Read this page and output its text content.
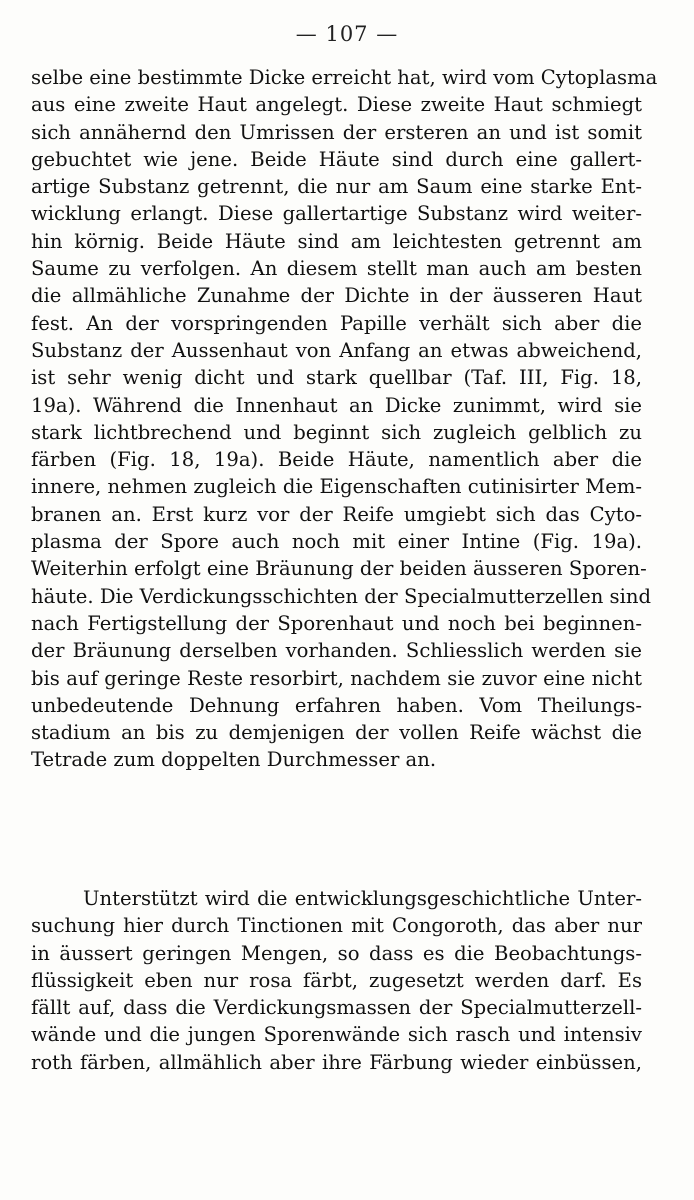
— 107 —
selbe eine bestimmte Dicke erreicht hat, wird vom Cytoplasma
aus eine zweite Haut angelegt. Diese zweite Haut schmiegt
sich annähernd den Umrissen der ersteren an und ist somit
gebuchtet wie jene. Beide Häute sind durch eine gallert-
artige Substanz getrennt, die nur am Saum eine starke Ent-
wicklung erlangt. Diese gallertartige Substanz wird weiter-
hin körnig. Beide Häute sind am leichtesten getrennt am
Saume zu verfolgen. An diesem stellt man auch am besten
die allmähliche Zunahme der Dichte in der äusseren Haut
fest. An der vorspringenden Papille verhält sich aber die
Substanz der Aussenhaut von Anfang an etwas abweichend,
ist sehr wenig dicht und stark quellbar (Taf. III, Fig. 18,
19a). Während die Innenhaut an Dicke zunimmt, wird sie
stark lichtbrechend und beginnt sich zugleich gelblich zu
färben (Fig. 18, 19a). Beide Häute, namentlich aber die
innere, nehmen zugleich die Eigenschaften cutinisirter Mem-
branen an. Erst kurz vor der Reife umgiebt sich das Cyto-
plasma der Spore auch noch mit einer Intine (Fig. 19a).
Weiterhin erfolgt eine Bräunung der beiden äusseren Sporen-
häute. Die Verdickungsschichten der Specialmutterzellen sind
nach Fertigstellung der Sporenhaut und noch bei beginnen-
der Bräunung derselben vorhanden. Schliesslich werden sie
bis auf geringe Reste resorbirt, nachdem sie zuvor eine nicht
unbedeutende Dehnung erfahren haben. Vom Theilungs-
stadium an bis zu demjenigen der vollen Reife wächst die
Tetrade zum doppelten Durchmesser an.
Unterstützt wird die entwicklungsgeschichtliche Unter-
suchung hier durch Tinctionen mit Congoroth, das aber nur
in äussert geringen Mengen, so dass es die Beobachtungs-
flüssigkeit eben nur rosa färbt, zugesetzt werden darf. Es
fällt auf, dass die Verdickungsmassen der Specialmutterzell-
wände und die jungen Sporenwände sich rasch und intensiv
roth färben, allmählich aber ihre Färbung wieder einbüssen,
